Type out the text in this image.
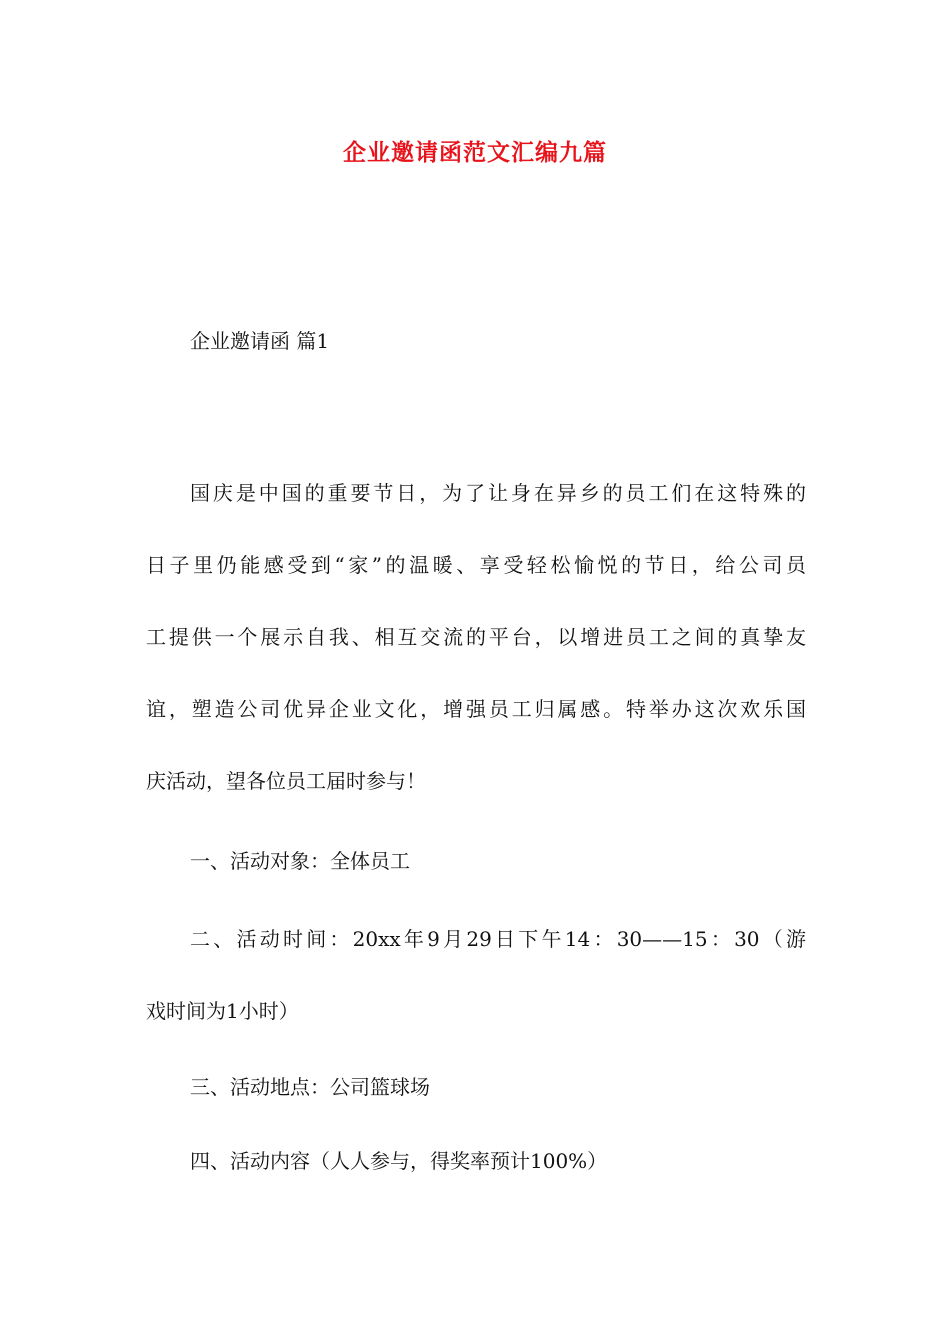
企业邀请函范文汇编九篇
企业邀请函 篇1
国庆是中国的重要节日，为了让身在异乡的员工们在这特殊的
日子里仍能感受到“家”的温暖、享受轻松愉悦的节日，给公司员
工提供一个展示自我、相互交流的平台，以增进员工之间的真挚友
谊，塑造公司优异企业文化，增强员工归属感。特举办这次欢乐国
庆活动，望各位员工届时参与！
一、活动对象：全体员工
二、活动时间：20xx年9月29日下午14：30——15：30（游
戏时间为1小时）
三、活动地点：公司篮球场
四、活动内容（人人参与，得奖率预计100%）
